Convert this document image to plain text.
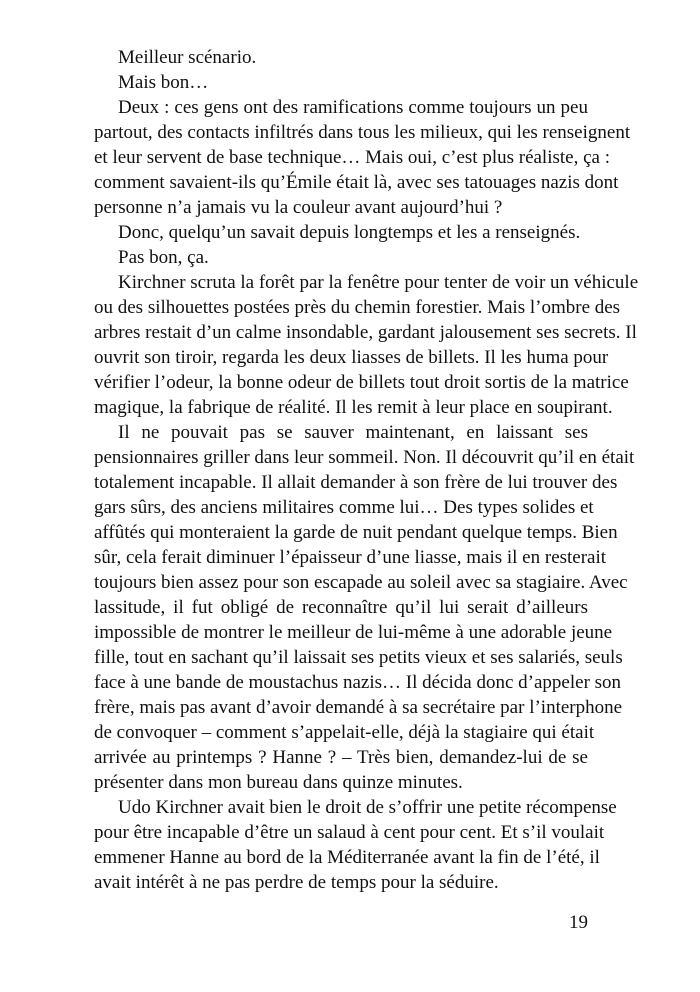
Meilleur scénario.
Mais bon…
Deux : ces gens ont des ramifications comme toujours un peu
partout, des contacts infiltrés dans tous les milieux, qui les renseignent
et leur servent de base technique… Mais oui, c’est plus réaliste, ça :
comment savaient-ils qu’Émile était là, avec ses tatouages nazis dont
personne n’a jamais vu la couleur avant aujourd’hui ?
Donc, quelqu’un savait depuis longtemps et les a renseignés.
Pas bon, ça.
Kirchner scruta la forêt par la fenêtre pour tenter de voir un véhicule
ou des silhouettes postées près du chemin forestier. Mais l’ombre des
arbres restait d’un calme insondable, gardant jalousement ses secrets. Il
ouvrit son tiroir, regarda les deux liasses de billets. Il les huma pour
vérifier l’odeur, la bonne odeur de billets tout droit sortis de la matrice
magique, la fabrique de réalité. Il les remit à leur place en soupirant.
Il ne pouvait pas se sauver maintenant, en laissant ses
pensionnaires griller dans leur sommeil. Non. Il découvrit qu’il en était
totalement incapable. Il allait demander à son frère de lui trouver des
gars sûrs, des anciens militaires comme lui… Des types solides et
affûtés qui monteraient la garde de nuit pendant quelque temps. Bien
sûr, cela ferait diminuer l’épaisseur d’une liasse, mais il en resterait
toujours bien assez pour son escapade au soleil avec sa stagiaire. Avec
lassitude, il fut obligé de reconnaître qu’il lui serait d’ailleurs
impossible de montrer le meilleur de lui-même à une adorable jeune
fille, tout en sachant qu’il laissait ses petits vieux et ses salariés, seuls
face à une bande de moustachus nazis… Il décida donc d’appeler son
frère, mais pas avant d’avoir demandé à sa secrétaire par l’interphone
de convoquer – comment s’appelait-elle, déjà la stagiaire qui était
arrivée au printemps ? Hanne ? – Très bien, demandez-lui de se
présenter dans mon bureau dans quinze minutes.
Udo Kirchner avait bien le droit de s’offrir une petite récompense
pour être incapable d’être un salaud à cent pour cent. Et s’il voulait
emmener Hanne au bord de la Méditerranée avant la fin de l’été, il
avait intérêt à ne pas perdre de temps pour la séduire.
19
